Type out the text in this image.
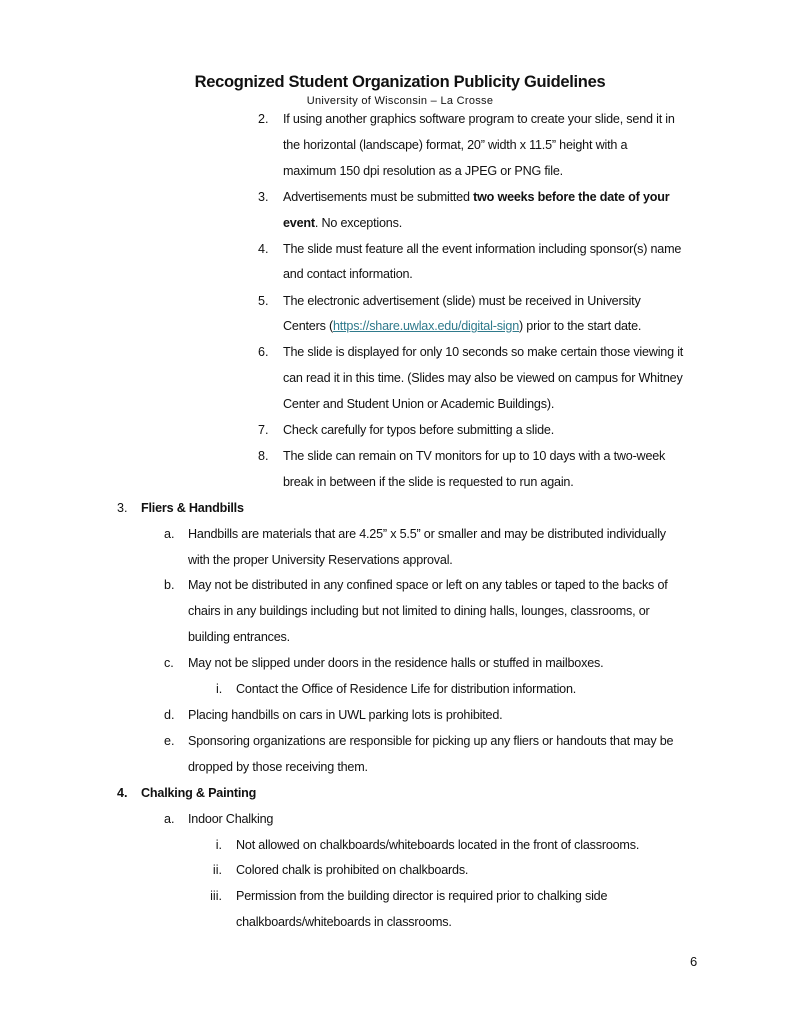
Recognized Student Organization Publicity Guidelines
University of Wisconsin – La Crosse
2. If using another graphics software program to create your slide, send it in
the horizontal (landscape) format, 20” width x 11.5” height with a
maximum 150 dpi resolution as a JPEG or PNG file.
3. Advertisements must be submitted two weeks before the date of your
event. No exceptions.
4. The slide must feature all the event information including sponsor(s) name
and contact information.
5. The electronic advertisement (slide) must be received in University
Centers (https://share.uwlax.edu/digital-sign) prior to the start date.
6. The slide is displayed for only 10 seconds so make certain those viewing it
can read it in this time. (Slides may also be viewed on campus for Whitney
Center and Student Union or Academic Buildings).
7. Check carefully for typos before submitting a slide.
8. The slide can remain on TV monitors for up to 10 days with a two-week
break in between if the slide is requested to run again.
3. Fliers & Handbills
a. Handbills are materials that are 4.25” x 5.5” or smaller and may be distributed individually
with the proper University Reservations approval.
b. May not be distributed in any confined space or left on any tables or taped to the backs of
chairs in any buildings including but not limited to dining halls, lounges, classrooms, or
building entrances.
c. May not be slipped under doors in the residence halls or stuffed in mailboxes.
i. Contact the Office of Residence Life for distribution information.
d. Placing handbills on cars in UWL parking lots is prohibited.
e. Sponsoring organizations are responsible for picking up any fliers or handouts that may be
dropped by those receiving them.
4. Chalking & Painting
a. Indoor Chalking
i. Not allowed on chalkboards/whiteboards located in the front of classrooms.
ii. Colored chalk is prohibited on chalkboards.
iii. Permission from the building director is required prior to chalking side
chalkboards/whiteboards in classrooms.
6
